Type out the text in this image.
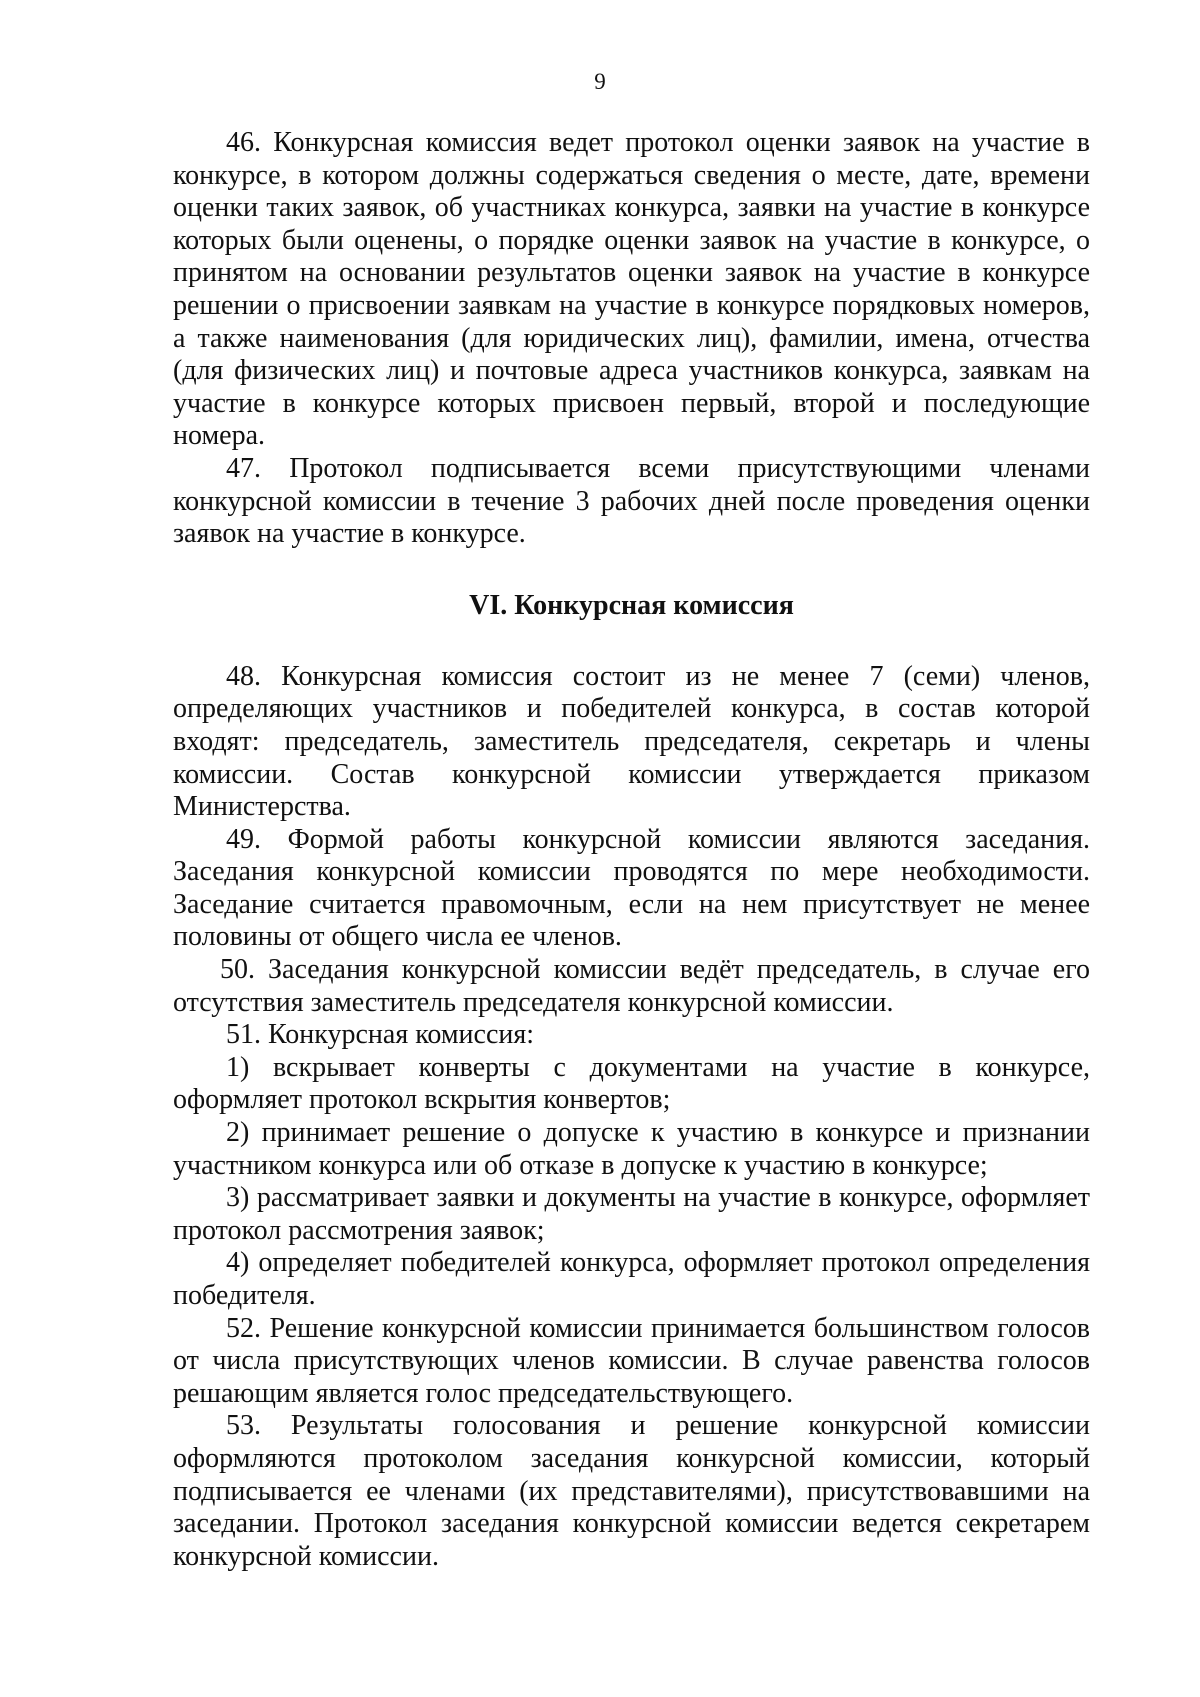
9

46. Конкурсная комиссия ведет протокол оценки заявок на участие в конкурсе, в котором должны содержаться сведения о месте, дате, времени оценки таких заявок, об участниках конкурса, заявки на участие в конкурсе которых были оценены, о порядке оценки заявок на участие в конкурсе, о принятом на основании результатов оценки заявок на участие в конкурсе решении о присвоении заявкам на участие в конкурсе порядковых номеров, а также наименования (для юридических лиц), фамилии, имена, отчества (для физических лиц) и почтовые адреса участников конкурса, заявкам на участие в конкурсе которых присвоен первый, второй и последующие номера.

47. Протокол подписывается всеми присутствующими членами конкурсной комиссии в течение 3 рабочих дней после проведения оценки заявок на участие в конкурсе.

VI. Конкурсная комиссия

48. Конкурсная комиссия состоит из не менее 7 (семи) членов, определяющих участников и победителей конкурса, в состав которой входят: председатель, заместитель председателя, секретарь и члены комиссии. Состав конкурсной комиссии утверждается приказом Министерства.

49. Формой работы конкурсной комиссии являются заседания. Заседания конкурсной комиссии проводятся по мере необходимости. Заседание считается правомочным, если на нем присутствует не менее половины от общего числа ее членов.

50. Заседания конкурсной комиссии ведёт председатель, в случае его отсутствия заместитель председателя конкурсной комиссии.

51. Конкурсная комиссия:

1) вскрывает конверты с документами на участие в конкурсе, оформляет протокол вскрытия конвертов;

2) принимает решение о допуске к участию в конкурсе и признании участником конкурса или об отказе в допуске к участию в конкурсе;

3) рассматривает заявки и документы на участие в конкурсе, оформляет протокол рассмотрения заявок;

4) определяет победителей конкурса, оформляет протокол определения победителя.

52. Решение конкурсной комиссии принимается большинством голосов от числа присутствующих членов комиссии. В случае равенства голосов решающим является голос председательствующего.

53. Результаты голосования и решение конкурсной комиссии оформляются протоколом заседания конкурсной комиссии, который подписывается ее членами (их представителями), присутствовавшими на заседании. Протокол заседания конкурсной комиссии ведется секретарем конкурсной комиссии.
